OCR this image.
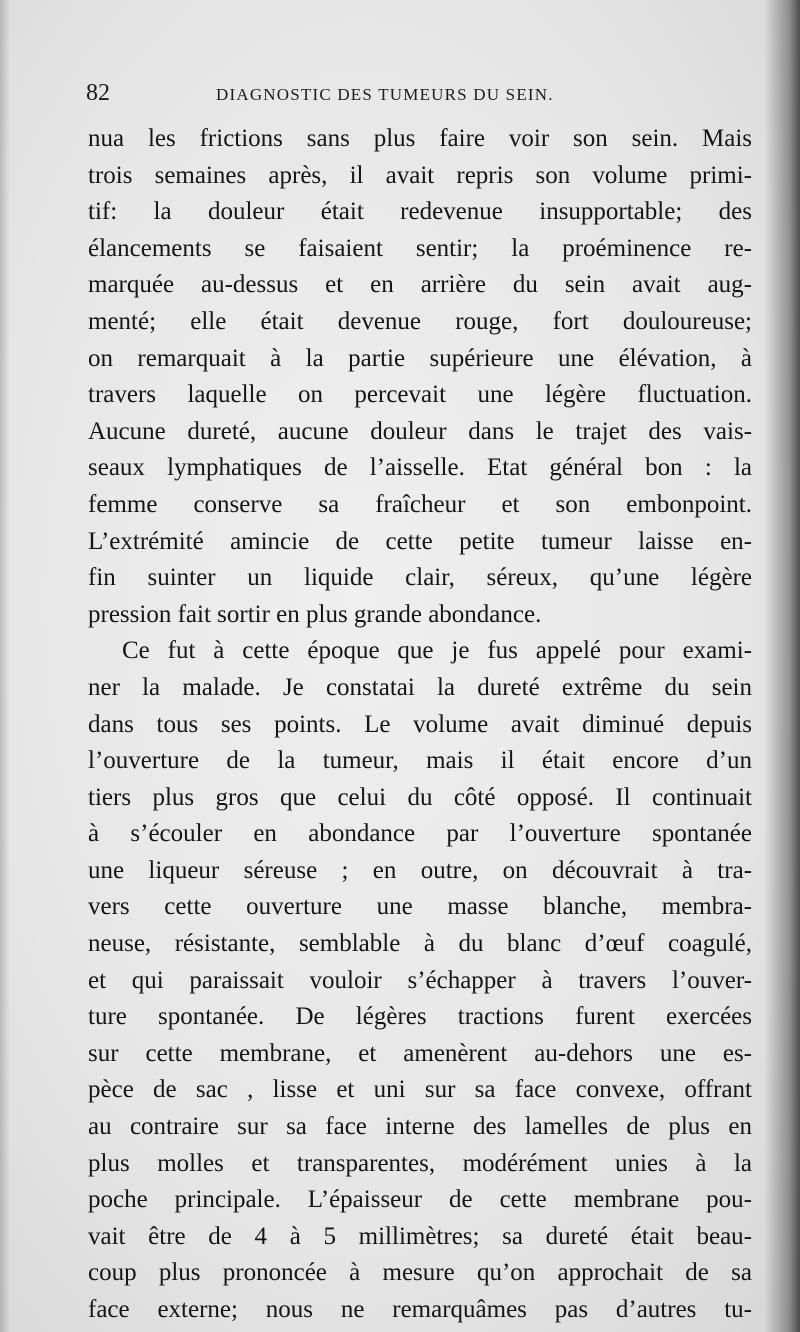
82	DIAGNOSTIC DES TUMEURS DU SEIN.
nua les frictions sans plus faire voir son sein. Mais
trois semaines après, il avait repris son volume primi-
tif: la douleur était redevenue insupportable; des
élancements se faisaient sentir; la proéminence re-
marquée au-dessus et en arrière du sein avait aug-
menté; elle était devenue rouge, fort douloureuse;
on remarquait à la partie supérieure une élévation, à
travers laquelle on percevait une légère fluctuation.
Aucune dureté, aucune douleur dans le trajet des vais-
seaux lymphatiques de l’aisselle. Etat général bon : la
femme conserve sa fraîcheur et son embonpoint.
L’extrémité amincie de cette petite tumeur laisse en-
fin suinter un liquide clair, séreux, qu’une légère
pression fait sortir en plus grande abondance.
Ce fut à cette époque que je fus appelé pour exami-
ner la malade. Je constatai la dureté extrême du sein
dans tous ses points. Le volume avait diminué depuis
l’ouverture de la tumeur, mais il était encore d’un
tiers plus gros que celui du côté opposé. Il continuait
à s’écouler en abondance par l’ouverture spontanée
une liqueur séreuse ; en outre, on découvrait à tra-
vers cette ouverture une masse blanche, membra-
neuse, résistante, semblable à du blanc d’œuf coagulé,
et qui paraissait vouloir s’échapper à travers l’ouver-
ture spontanée. De légères tractions furent exercées
sur cette membrane, et amenèrent au-dehors une es-
pèce de sac , lisse et uni sur sa face convexe, offrant
au contraire sur sa face interne des lamelles de plus en
plus molles et transparentes, modérément unies à la
poche principale. L’épaisseur de cette membrane pou-
vait être de 4 à 5 millimètres; sa dureté était beau-
coup plus prononcée à mesure qu’on approchait de sa
face externe; nous ne remarquâmes pas d’autres tu-
